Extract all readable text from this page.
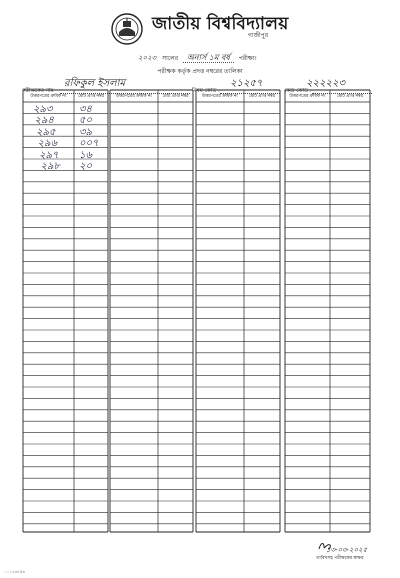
জাতীয় বিশ্ববিদ্যালয়
গাজীপুর
২০২৩ সালের অনার্স ১ম বর্ষ পরীক্ষা।
পরীক্ষক কর্তৃক প্রদত্ত নম্বরের তালিকা
পরীক্ষকের নাম
রফিকুল ইসলাম
বিষয় কোড :
২১২৫৭
কেন্দ্র কোড :
২২২২২৩
উত্তরপত্রের ক্রমিক নং	মোট প্রাপ্ত নম্বর	উত্তরপত্রের ক্রমিক নং	মোট প্রাপ্ত নম্বর	উত্তরপত্রের ক্রমিক নং	মোট প্রাপ্ত নম্বর	উত্তরপত্রের ক্রমিক নং	মোট প্রাপ্ত নম্বর
২৯৩	৩৪
২৯৪	৫০
২৯৫ ৩৯
২৯৬ ০০৭
২৯৭ ১৬
২৯৮ ২০
১৩-০৩-২০২৫
তারিখসহ পরীক্ষকের স্বাক্ষর
০০১২৩৪৫৬
